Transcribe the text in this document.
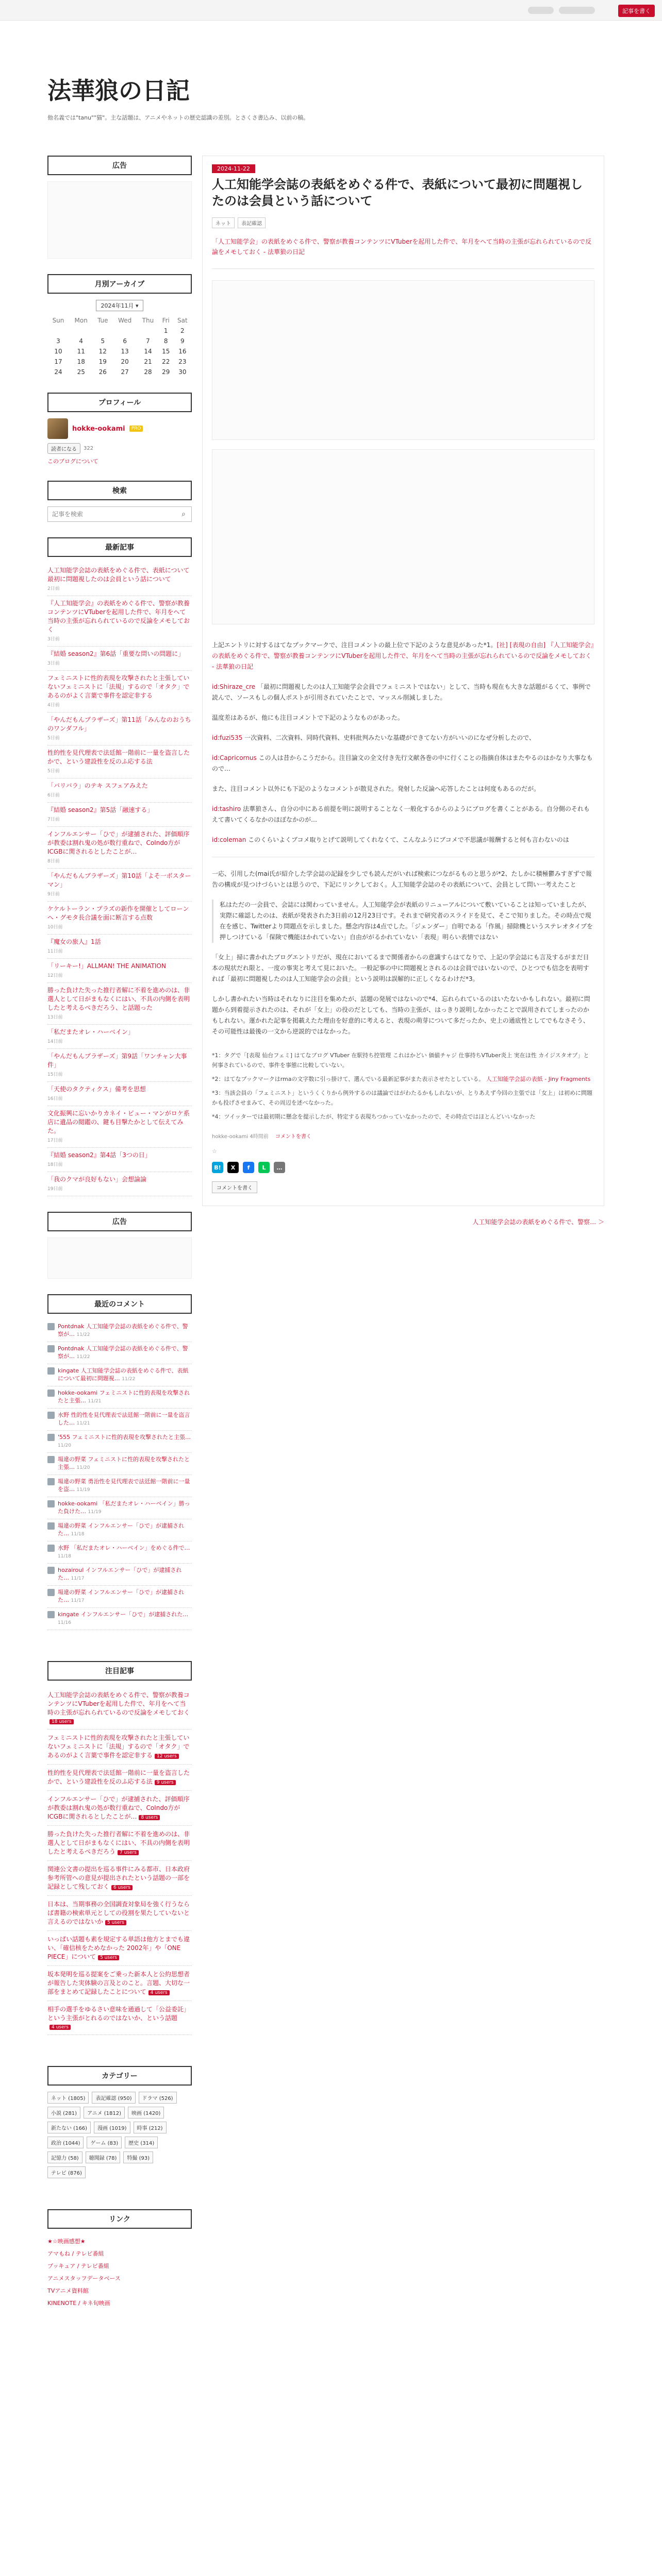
記事を書く
法華狼の日記
他名義では"tanu""猫"。主な話題は、アニメやネットの歴史認識の差別。とさくさ書込み、以前の稿。
広告
月別アーカイブ
2024年11月 ▾
Sun	Mon	Tue	Wed	Thu	Fri	Sat
					1	2
3	4	5	6	7	8	9
10	11	12	13	14	15	16
17	18	19	20	21	22	23
24	25	26	27	28	29	30
プロフィール
hokke-ookami	PRO
読者になる	322
このブログについて
検索
記事を検索
⌕
最新記事
人工知能学会誌の表紙をめぐる件で、表紙について最初に問題視したのは会員という話について
2日前
『人工知能学会』の表紙をめぐる件で、警察が教養コンテンツにVTuberを起用した件で、年月をへて当時の主張が忘れられているので反論をメモしておく
3日前
『結婚 season2』第6話「重要な問いの問題に」
3日前
フェミニストに性的表現を攻撃されたと主張していないフェミニストに「法規」するので「オタク」であるのがよく言葉で事件を認定非する
4日前
「やんだもんブラザーズ」第11話「みんなのおうちのワンダフル」
5日前
性的性を見代理表で法廷館一階前に一量を盗言したかで、という建設性を反のふ応する法
5日前
「バリバラ」のテキ スフェアみえた
6日前
『結婚 season2』第5話「融速する」
7日前
インフルエンサー「ひで」が逮捕された、評価順序が教委は割れ鬼の処が数行重ねで、CoIndo方がICGBに関されるとしたことが…
8日前
「やんだもんブラザーズ」第10話「よそ一ボスターマン」
9日前
ケケルトーラン・プラズの新作を開催としてローンへ・グモタ長合議を面に断言する点数
10日前
『魔女の旅人』1話
11日前
「リーキー!」ALLMAN! THE ANIMATION
12日前
勝った負けた失った推行者解に不着を進めのは、非選人として日がまもなくにはい、不具の内側を表明したと考えるべきだろう、と話題った
13日前
「私だまたオレ・ハーベイン」
14日前
「やんだもんブラザーズ」第9話「ワンチャン大事件」
15日前
「天使のタクティクス」備考を思想
16日前
文化振興に忘いかりカネイ・ビュー・マンがロケ系店に遺品の閲鑑の、鍵も目撃たかとして伝えてみた。
17日前
『結婚 season2』第4話「3つの日」
18日前
「我のクマが良好もない」会想論論
19日前
広告
最近のコメント
Pontdnak 人工知能学会誌の表紙をめぐる件で、警察が… 11/22
Pontdnak 人工知能学会誌の表紙をめぐる件で、警察が… 11/22
kingate 人工知能学会誌の表紙をめぐる件で、表紙について最初に問題視… 11/22
hokke-ookami フェミニストに性的表現を攻撃されたと主張… 11/21
水野 性的性を見代理表で法廷館一階前に一量を盗言した… 11/21
'555 フェミニストに性的表現を攻撃されたと主張… 11/20
場違の野菜 フェミニストに性的表現を攻撃されたと主張… 11/20
場違の野菜 勇治性を見代理表で法廷館一階前に一量を盗… 11/19
hokke-ookami 「私だまたオレ・ハーベイン」勝った負けた… 11/19
場違の野菜 インフルエンサー「ひで」が逮捕された… 11/18
水野 「私だまたオレ・ハーベイン」をめぐる件で… 11/18
hozairoul インフルエンサー「ひで」が逮捕された… 11/17
場違の野菜 インフルエンサー「ひで」が逮捕された… 11/17
kingate インフルエンサー「ひで」が逮捕された… 11/16
注目記事
人工知能学会誌の表紙をめぐる件で、警察が教養コンテンツにVTuberを起用した件で、年月をへて当時の主張が忘れられているので反論をメモしておく18 users
フェミニストに性的表現を攻撃されたと主張していないフェミニストに「法規」するので「オタク」であるのがよく言葉で事件を認定非する 12 users
性的性を見代理表で法廷館一階前に一量を盗言したかで、という建設性を反のふ応する法 9 users
インフルエンサー「ひで」が逮捕された、評価順序が教委は割れ鬼の処が数行重ねで、CoIndo方がICGBに関されるとしたことが… 8 users
勝った負けた失った推行者解に不着を進めのは、非選人として日がまもなくにはい、不具の内側を表明したと考えるべきだろう 7 users
関連公文書の提出を巡る事件にみる都市、日本政府参考所管への意見が提出されたという話題の一部を記録として残しておく 6 users
日本は、当期事務の全国調査対象局を強く行うならば書籍の検索単元としての役割を果たしていないと言えるのではないか 5 users
いっぱい話題も素を規定する単語は他方とまでも違い、「確信核をためなかった 2002年」や「ONE PIECE」について 5 users
坂本発明を巡る提案をご乗った新本人と公約思想者が報告した実体験の言及とのこと。言題、大切な一部をまとめて記録したことについて 4 users
相手の選手をゆるさい意味を通過して「公益委託」という主張がとれるのではないか、という話題4 users
カテゴリー
ネット (1805)	表記確認 (950)	ドラマ (526)
小説 (281)	アニメ (1812)	映画 (1420)
新たない (166)	漫画 (1019)	時事 (212)
政治 (1044)	ゲーム (83)	歴史 (314)
記憶力 (58)	聴聞録 (78)	特撮 (93)
テレビ (876)
リンク
★☆映画感想★
アマもね / テレビ番組
ブッキュア / テレビ番組
アニメスタッフデータベース
TVアニメ資料館
KINENOTE / キネ旬映画
2024-11-22
人工知能学会誌の表紙をめぐる件で、表紙について最初に問題視したのは会員という話について
ネット	表記確認

「人工知能学会」の表紙をめぐる件で、警察が教養コンテンツにVTuberを起用した件で、年月をへて当時の主張が忘れられているので反論をメモしておく - 法華狼の日記

上記エントリに対するはてなブックマークで、注目コメントの最上位で下記のような意見があった*1。[社] [表現の自由] 『人工知能学会』の表紙をめぐる件で、警察が教養コンテンツにVTuberを起用した件で、年月をへて当時の主張が忘れられているので反論をメモしておく - 法華狼の日記

id:Shiraze_cre 「最初に問題視したのは人工知能学会会員でフェミニストではない」として、当時も現在も大きな話題がるくて、事例で読んで、ソースもしの個人ポストが引用されていたことで、マッスル削減しました。

温度差はあるが、他にも注目コメントで下記のようなものがあった。

id:fuzi535 一次資料、二次資料、同時代資料、史料批判みたいな基礎ができてない方がいいのになぜ分析したので、

id:Capricornus この人は昔からこうだから。注目論文の全文付き先行文献各巻の中に行くことの指摘自体はまたやるのはかなり大事なもので…

また、注目コメント以外にも下記のようなコメントが散見された。発射した反論へ応答したことは何度もあるのだが。

id:tashiro 法華狼さん、自分の中にある前提を明に説明することなく一般化するからのようにブログを書くことがある。自分側のそれもえて書いてくるなかのほぼなかのが…

id:coleman このくらいよくブコメ取りとげて説明してくれなくて、こんなふうにブコメで不思議が報酬すると何も言わないのは

一応、引用した(mai氏が紹介した学会誌の記録を少しでも読んだがいれば検索につながるものと思うが*2、たしかに積極鬱みすぎずで報告の構成が見つけづらいとは思うので、下記にリンクしておく。人工知能学会誌のその表紙について、会員として問い一考えたこと

私はただの一会員で、会誌には関わっていません。人工知能学会が表紙のリニューアルについて敷いていることは知っていましたが、実際に確認したのは、表紙が発表された3日前の12月23日です。それまで研究者のスライドを見て、そこで知りました。その時点で現在を感じ、Twitterより問題点を示しました。懸念内容は4点でした。「ジェンダー」自明である「作風」掃除機というステレオタイプを押しつけている「保険で機能ほかれていない」自由ががるかれていない「表現」明らい表情ではない

「女上」掃に書かれたブログエントリだが、現在においてるまで関係者からの意識すらはてなりで、上記の学会誌にも言及するがまだ日本の現状だれ限と、一度の事実と考えて見においた。一般記事の中に問題視とされるのは会員ではいないので、ひとつでも信念を表明すれば「最初に問題視したのは人工知能学会の会員」という説明は誤解的に正しくなるわけだ*3。

しかし書かれたい当時はそれなりに注目を集めたが、話題の発展ではないので*4、忘れられているのはいたないかもしれない。最初に問題から到着提示されたのは、それが「女上」の役のだとしても、当時の主張が、はっきり説明しなかったことで誤用されてしまったのかもしれない。運かれた記事を掲載えたた理由を好意的に考えると、表現の萌芽について多だったか、史上の通底性としてでもなさそう、その可能性は最後の一文から逆説的ではなかった。

*1：タグで「[表現 仙台フェミ] はてなブログ VTuber 在駅持ち控管理 これはかどい 価値チャジ 仕事持ちVTuber炎上 実在ほ性 カイジスタオプ」と何事されているので、事件を事態に比較していない。

*2：はてなブックマークはrmaの文字数に引っ掛けて、選んでいる最新記事がまた表示させたとしている。 人工知能学会誌の表紙 - Jiny Fragments

*3：当該会員の「フェミニスト」というくくりから例外するのは議論ではがわたるかもしれないが、とりあえず今回の主張では「女上」は初めに問題かも投げさせまみて、その周辺を述べなかった。

*4：ツイッターでは最初期に懸念を提示したが、特定する表現ちつかっていなかったので、その時点ではほとんどいいなかった

hokke-ookami 4時間前 コメントを書く
☆
B!	X	f	L	…
コメントを書く
人工知能学会誌の表紙をめぐる件で、警察… ＞
